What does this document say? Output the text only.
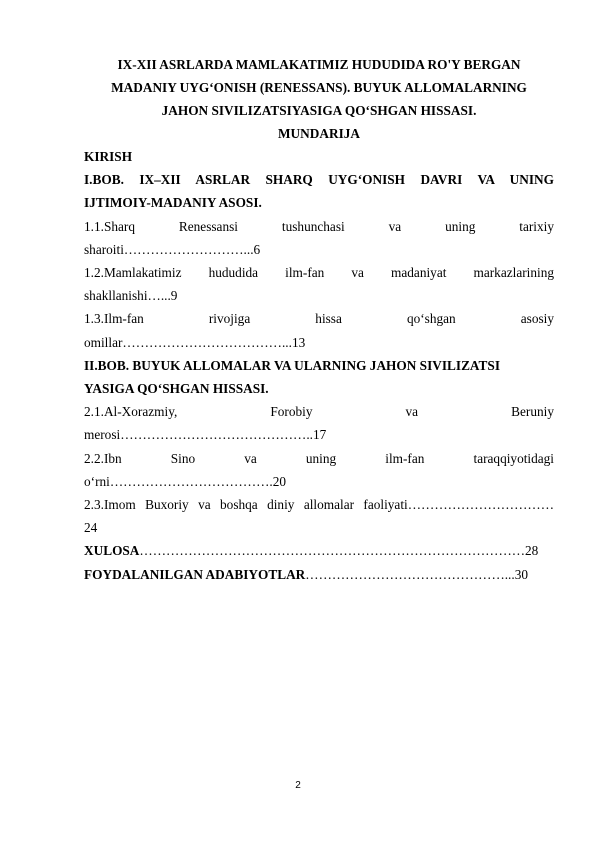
IX-XII ASRLARDA MAMLAKATIMIZ HUDUDIDA RO'Y BERGAN
MADANIY UYG‘ONISH (RENESSANS). BUYUK ALLOMALARNING
JAHON SIVILIZATSIYASIGA QO‘SHGAN HISSASI.
MUNDARIJA

KIRISH

I.BOB. IX–XII ASRLAR SHARQ UYG‘ONISH DAVRI VA UNING
IJTIMOIY-MADANIY ASOSI.

1.1.Sharq Renessansi tushunchasi va uning tarixiy
sharoiti………………………...6
1.2.Mamlakatimiz hududida ilm-fan va madaniyat markazlarining
shakllanishi…...9
1.3.Ilm-fan rivojiga hissa qo‘shgan asosiy
omillar………………………………...13

II.BOB. BUYUK ALLOMALAR VA ULARNING JAHON SIVILIZATSI
YASIGA QO‘SHGAN HISSASI.

2.1.Al-Xorazmiy, Forobiy va Beruniy
merosi……………………………………..17
2.2.Ibn Sino va uning ilm-fan taraqqiyotidagi
o‘rni……………………………….20
2.3.Imom Buxoriy va boshqa diniy allomalar faoliyati……………………………
24
XULOSA……………………………………………………………………………28
FOYDALANILGAN ADABIYOTLAR………………………………………...30
2
